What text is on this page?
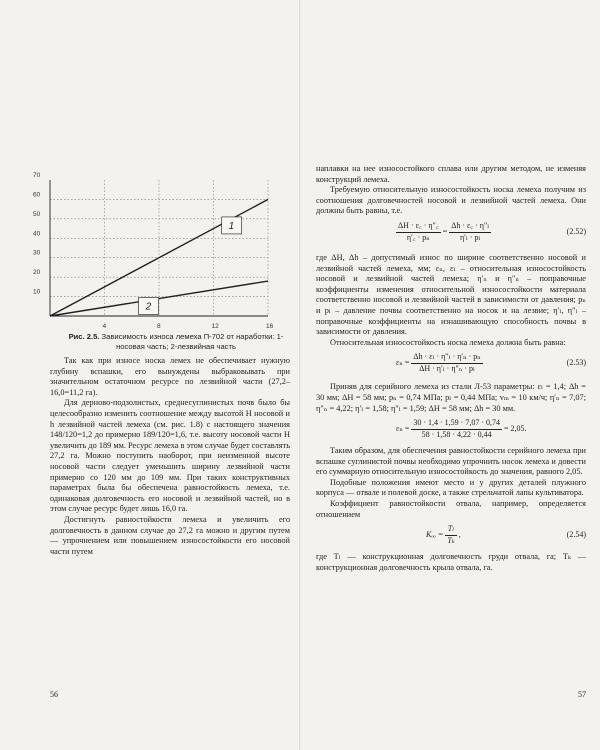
10
20
30
40
50
60
70
4	8	12	16
1
2
Рис. 2.5. Зависимость износа лемеха П-702 от наработки: 1-носовая часть; 2-лезвийная часть

Так как при износе носка лемех не обеспечивает нужную глубину вспашки, его вынуждены выбраковывать при значительном остаточном ресурсе по лезвийной части (27,2–16,0=11,2 га).

Для дерново-подзолистых, среднесуглинистых почв было бы целесообразно изменить соотношение между высотой H носовой и h лезвийной частей лемеха (см. рис. 1.8) с настоящего значения 148/120=1,2 до примерно 189/120=1,6, т.е. высоту носовой части H увеличить до 189 мм. Ресурс лемеха в этом случае будет составлять 27,2 га. Можно поступить наоборот, при неизменной высоте носовой части следует уменьшить ширину лезвийной части примерно со 120 мм до 109 мм. При таких конструктивных параметрах была бы обеспечена равностойкость лемеха, т.е. одинаковая долговечность его носовой и лезвийной частей, но в этом случае ресурс будет лишь 16,0 га.

Достигнуть равностойкости лемеха и увеличить его долговечность в данном случае до 27,2 га можно и другим путем — упрочнением или повышением износостойкости его носовой части путем

56

наплавки на нее износостойкого сплава или другим методом, не изменяя конструкций лемеха.

Требуемую относительную износостойкость носка лемеха получим из соотношения долговечностей носовой и лезвийной частей лемеха. Они должны быть равны, т.е.

$\frac{\Delta H \cdot \varepsilon꜀ \cdot \eta''꜀}{\text{η′꜀ · pₙ}} = \frac{\text{Δh · ε꜀ · η″ₗ}}{\text{η′ₗ · pₗ}}$	(2.52)

где ΔH, Δh – допустимый износ по ширине соответственно носовой и лезвийной частей лемеха, мм; εₙ, εₗ – относительная износостойкость носовой и лезвийной частей лемеха; η′ₙ и η″ₙ – поправочные коэффициенты изменения относительной износостойкости материала соответственно носовой и лезвийной частей в зависимости от давления; pₙ и pₗ – давление почвы соответственно на носок и на лезвие; η′ₗ, η″ₗ – поправочные коэффициенты на изнашивающую способность почвы в зависимости от давления.

Относительная износостойкость носка лемеха должна быть равна:

$\varepsilon_n = \frac{\text{Δh · εₗ · η″ₗ · η′ₙ · pₙ}}{\text{ΔH · η′ₗ · η″ₙ · pₗ}}$	(2.53)

Приняв для серийного лемеха из стали Л-53 параметры: εₗ = 1,4; Δh = 30 мм; ΔH = 58 мм; pₙ = 0,74 МПа; pₗ = 0,44 МПа; vₘ = 10 км/ч; η′ₙ = 7,07; η″ₙ = 4,22; η′ₗ = 1,58; η″ₗ = 1,59; ΔH = 58 мм; Δh = 30 мм.

$\varepsilon_n = \frac{30 \cdot 1,4 \cdot 1,59 \cdot 7,07 \cdot 0,74}{58 \cdot 1,58 \cdot 4,22 \cdot 0,44} = 2,05$.

Таким образом, для обеспечения равностойкости серийного лемеха при вспашке суглинистой почвы необходимо упрочнить носок лемеха и довести его суммарную относительную износостойкость до значения, равного 2,05.

Подобные положения имеют место и у других деталей плужного корпуса — отвале и полевой доске, а также стрельчатой лапы культиватора.

Коэффициент равностойкости отвала, например, определяется отношением

$K_{oo} = \frac{\text{Tₗ}}{\text{Tₖ}}$ ,	(2.54)

где Tₗ — конструкционная долговечность груди отвала, га; Tₖ — конструкционная долговечность крыла отвала, га.

57
